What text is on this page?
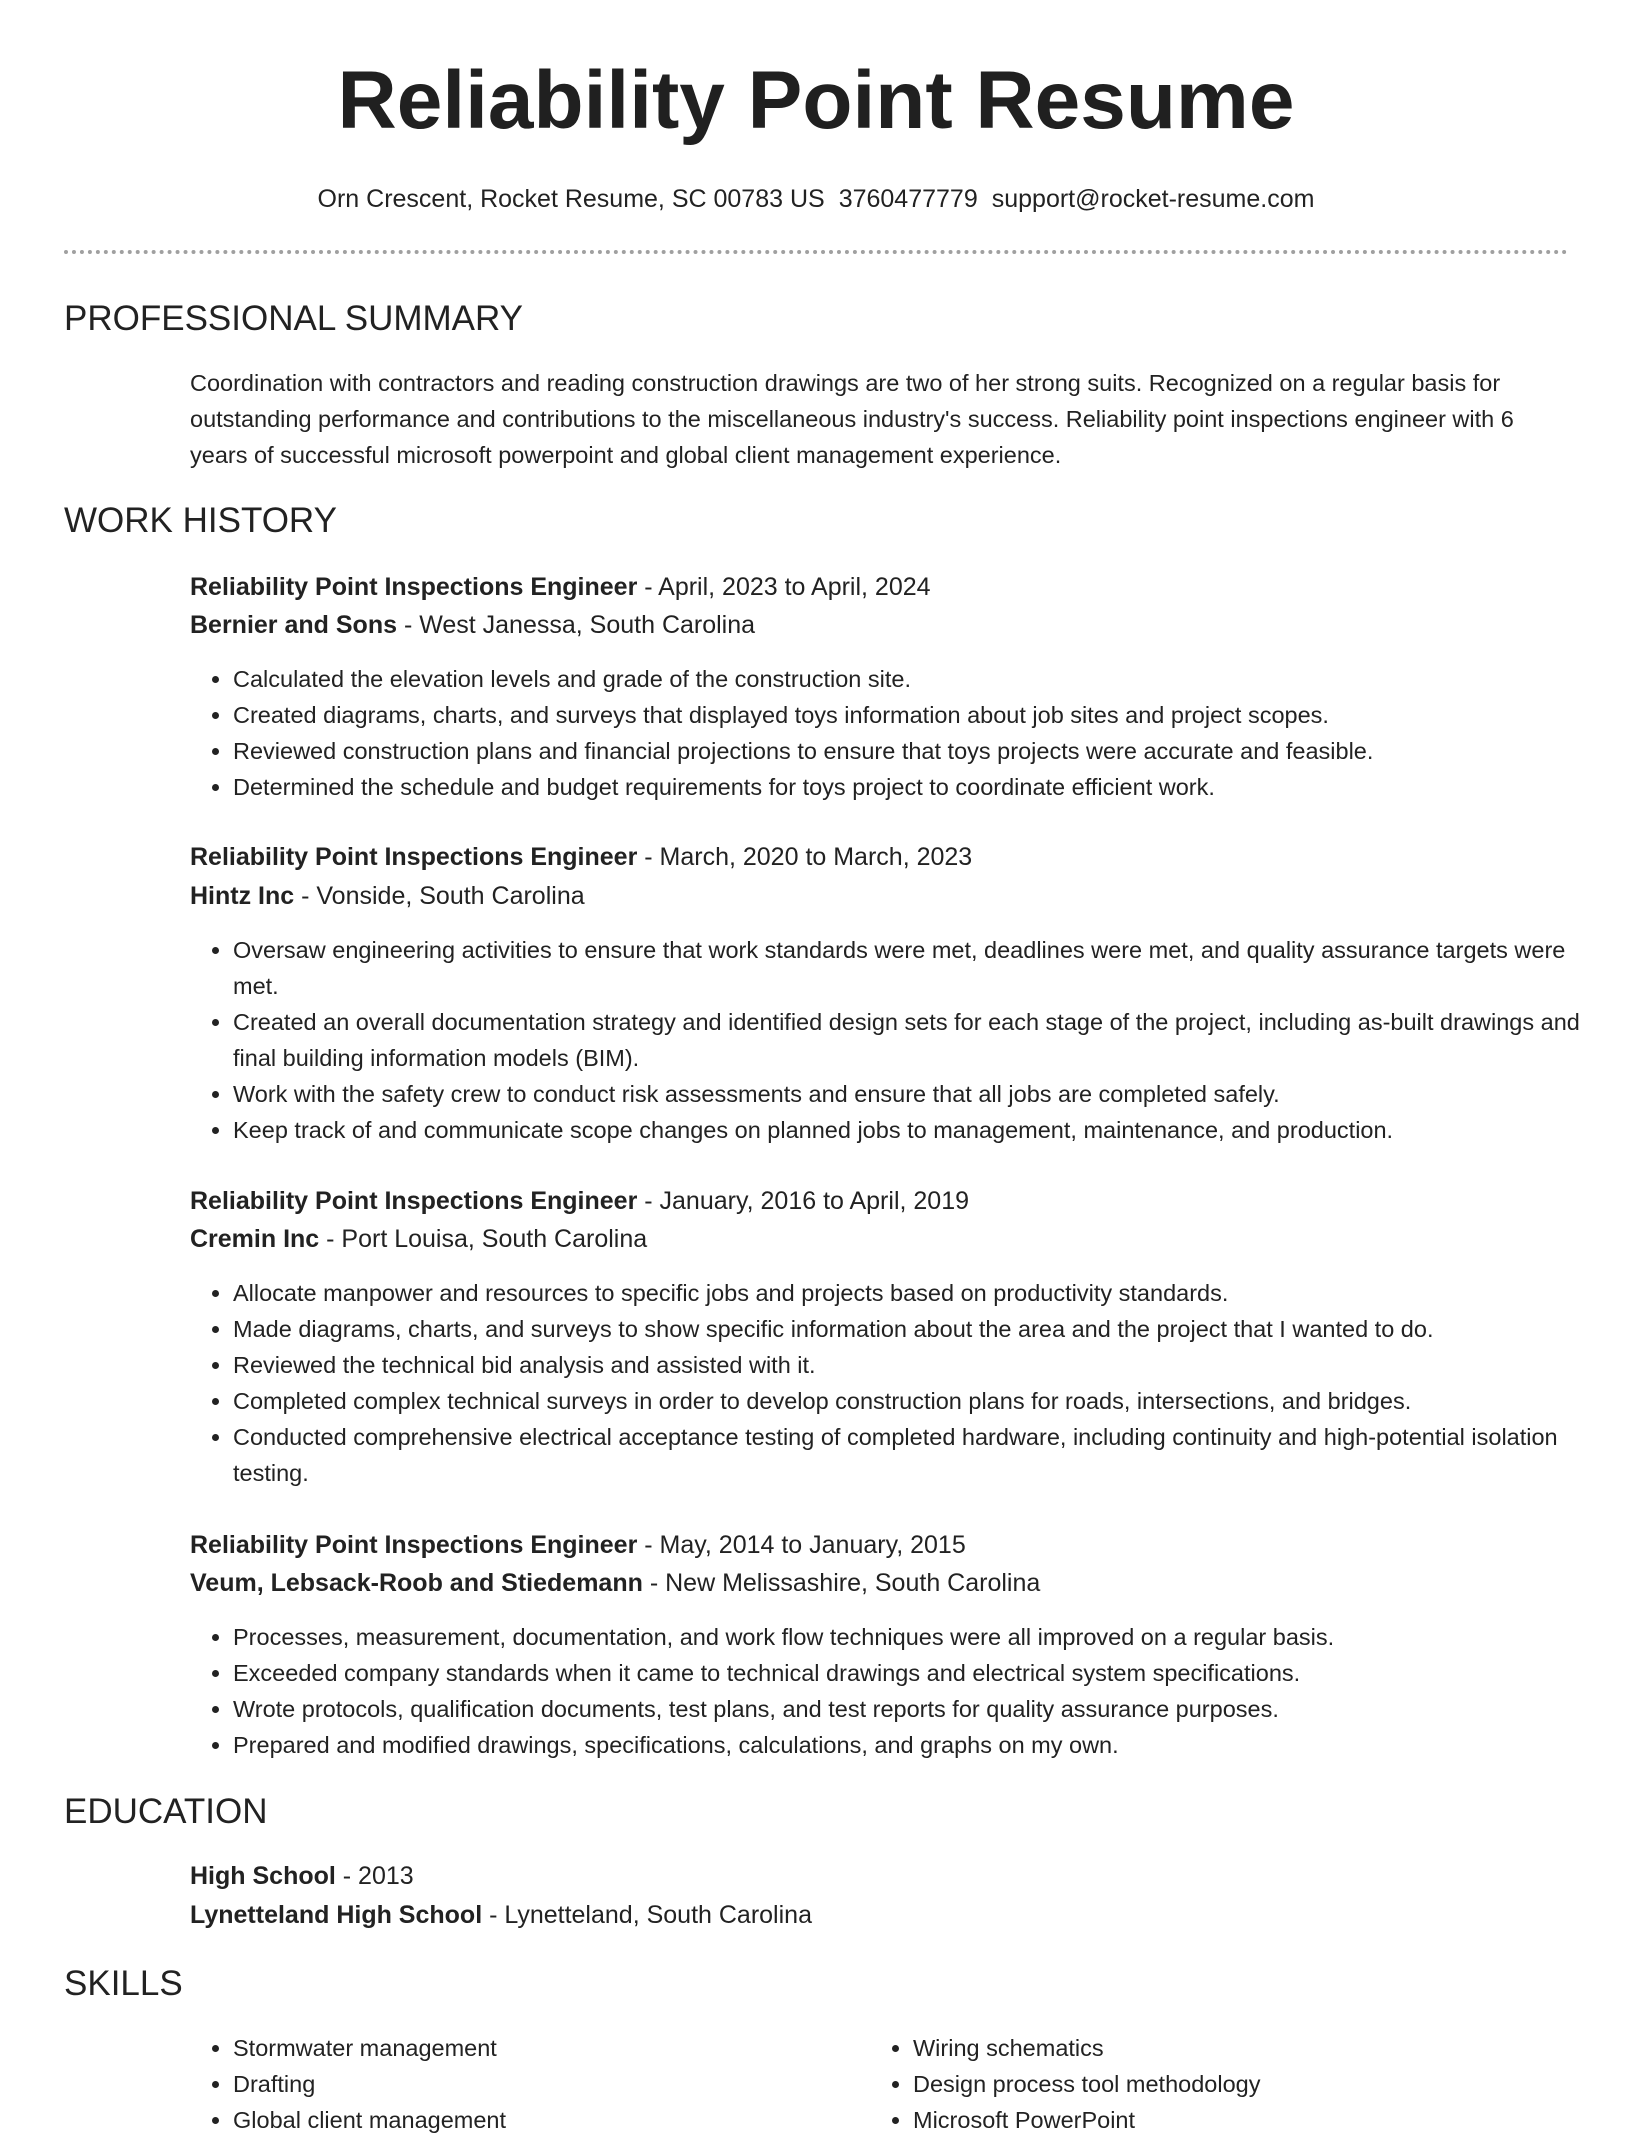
Reliability Point Resume
Orn Crescent, Rocket Resume, SC 00783 US 3760477779 support@rocket-resume.com
PROFESSIONAL SUMMARY

Coordination with contractors and reading construction drawings are two of her strong suits. Recognized on a regular basis for outstanding performance and contributions to the miscellaneous industry's success. Reliability point inspections engineer with 6 years of successful microsoft powerpoint and global client management experience.

WORK HISTORY
Reliability Point Inspections Engineer - April, 2023 to April, 2024
Bernier and Sons - West Janessa, South Carolina
• Calculated the elevation levels and grade of the construction site.
• Created diagrams, charts, and surveys that displayed toys information about job sites and project scopes.
• Reviewed construction plans and financial projections to ensure that toys projects were accurate and feasible.
• Determined the schedule and budget requirements for toys project to coordinate efficient work.
Reliability Point Inspections Engineer - March, 2020 to March, 2023
Hintz Inc - Vonside, South Carolina
• Oversaw engineering activities to ensure that work standards were met, deadlines were met, and quality assurance targets were met.
• Created an overall documentation strategy and identified design sets for each stage of the project, including as-built drawings and final building information models (BIM).
• Work with the safety crew to conduct risk assessments and ensure that all jobs are completed safely.
• Keep track of and communicate scope changes on planned jobs to management, maintenance, and production.
Reliability Point Inspections Engineer - January, 2016 to April, 2019
Cremin Inc - Port Louisa, South Carolina
• Allocate manpower and resources to specific jobs and projects based on productivity standards.
• Made diagrams, charts, and surveys to show specific information about the area and the project that I wanted to do.
• Reviewed the technical bid analysis and assisted with it.
• Completed complex technical surveys in order to develop construction plans for roads, intersections, and bridges.
• Conducted comprehensive electrical acceptance testing of completed hardware, including continuity and high-potential isolation testing.
Reliability Point Inspections Engineer - May, 2014 to January, 2015
Veum, Lebsack-Roob and Stiedemann - New Melissashire, South Carolina
• Processes, measurement, documentation, and work flow techniques were all improved on a regular basis.
• Exceeded company standards when it came to technical drawings and electrical system specifications.
• Wrote protocols, qualification documents, test plans, and test reports for quality assurance purposes.
• Prepared and modified drawings, specifications, calculations, and graphs on my own.
EDUCATION
High School - 2013
Lynetteland High School - Lynetteland, South Carolina
SKILLS
• Stormwater management
• Drafting
• Global client management
• Wiring schematics
• Design process tool methodology
• Microsoft PowerPoint
